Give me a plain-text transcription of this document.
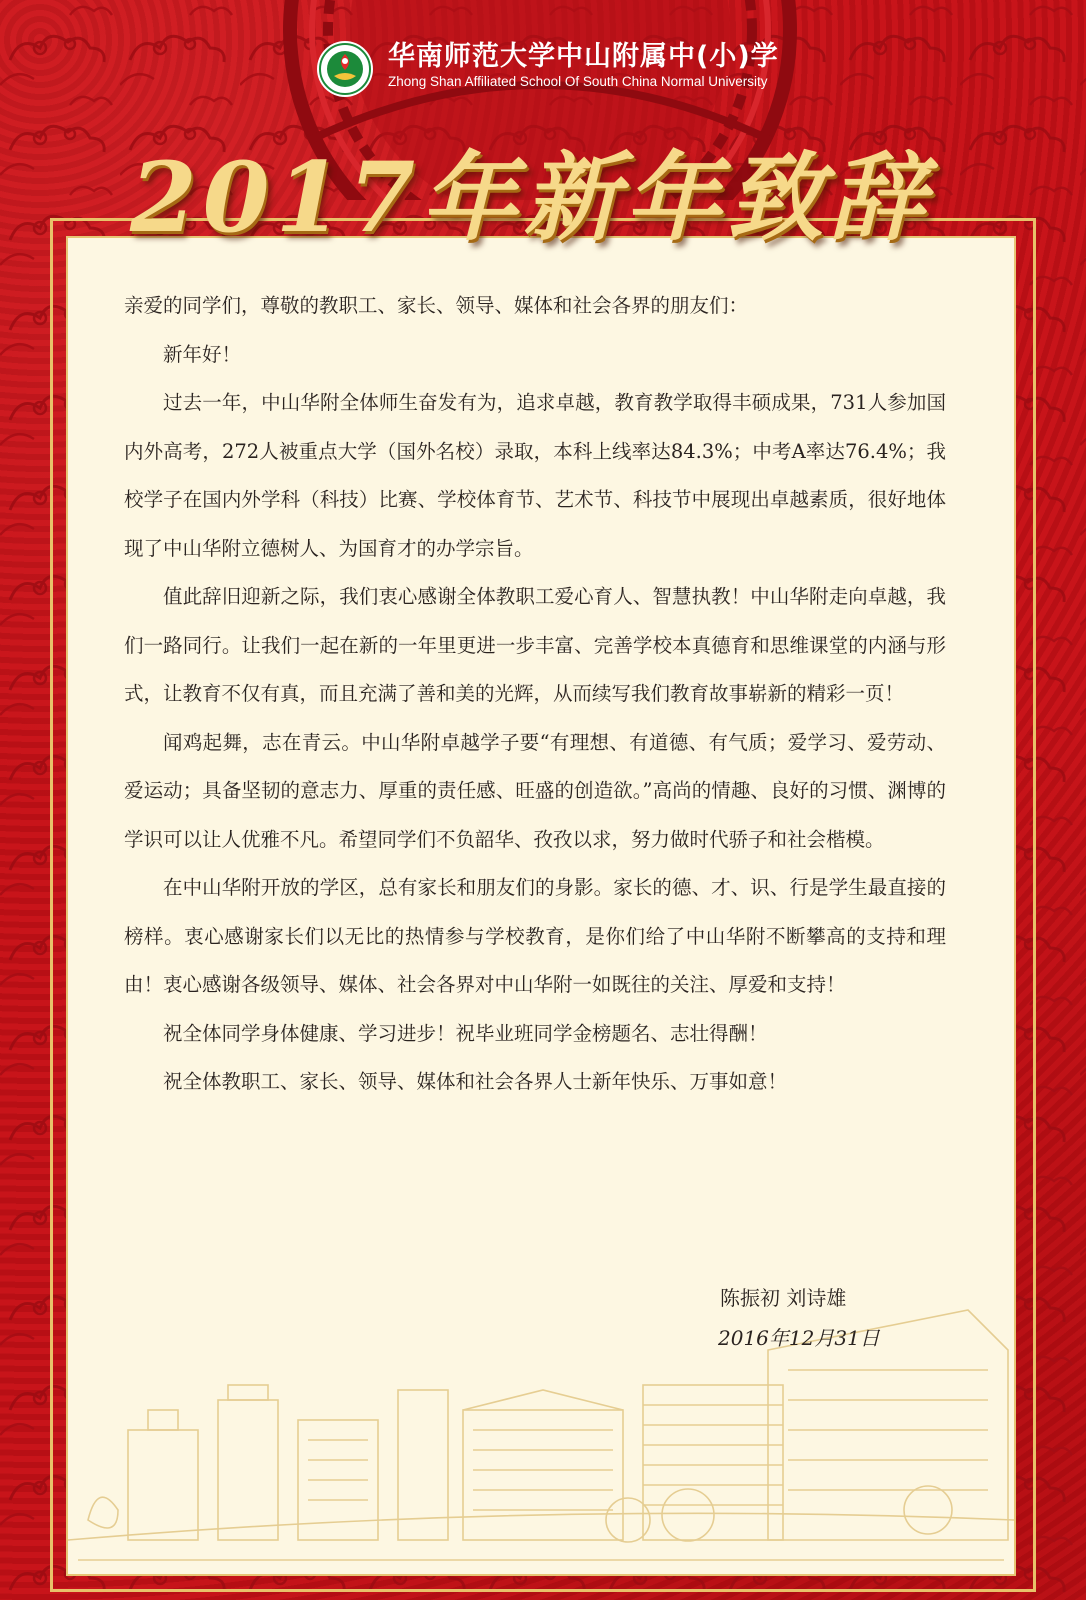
华南师范大学中山附属中(小)学
Zhong Shan Affiliated School Of South China Normal University
2017年新年致辞

亲爱的同学们，尊敬的教职工、家长、领导、媒体和社会各界的朋友们：

新年好！

过去一年，中山华附全体师生奋发有为，追求卓越，教育教学取得丰硕成果，731人参加国内外高考，272人被重点大学（国外名校）录取，本科上线率达84.3%；中考A率达76.4%；我校学子在国内外学科（科技）比赛、学校体育节、艺术节、科技节中展现出卓越素质，很好地体现了中山华附立德树人、为国育才的办学宗旨。

值此辞旧迎新之际，我们衷心感谢全体教职工爱心育人、智慧执教！中山华附走向卓越，我们一路同行。让我们一起在新的一年里更进一步丰富、完善学校本真德育和思维课堂的内涵与形式，让教育不仅有真，而且充满了善和美的光辉，从而续写我们教育故事崭新的精彩一页！

闻鸡起舞，志在青云。中山华附卓越学子要“有理想、有道德、有气质；爱学习、爱劳动、爱运动；具备坚韧的意志力、厚重的责任感、旺盛的创造欲。”高尚的情趣、良好的习惯、渊博的学识可以让人优雅不凡。希望同学们不负韶华、孜孜以求，努力做时代骄子和社会楷模。

在中山华附开放的学区，总有家长和朋友们的身影。家长的德、才、识、行是学生最直接的榜样。衷心感谢家长们以无比的热情参与学校教育，是你们给了中山华附不断攀高的支持和理由！衷心感谢各级领导、媒体、社会各界对中山华附一如既往的关注、厚爱和支持！

祝全体同学身体健康、学习进步！祝毕业班同学金榜题名、志壮得酬！

祝全体教职工、家长、领导、媒体和社会各界人士新年快乐、万事如意！

陈振初 刘诗雄
2016年12月31日
